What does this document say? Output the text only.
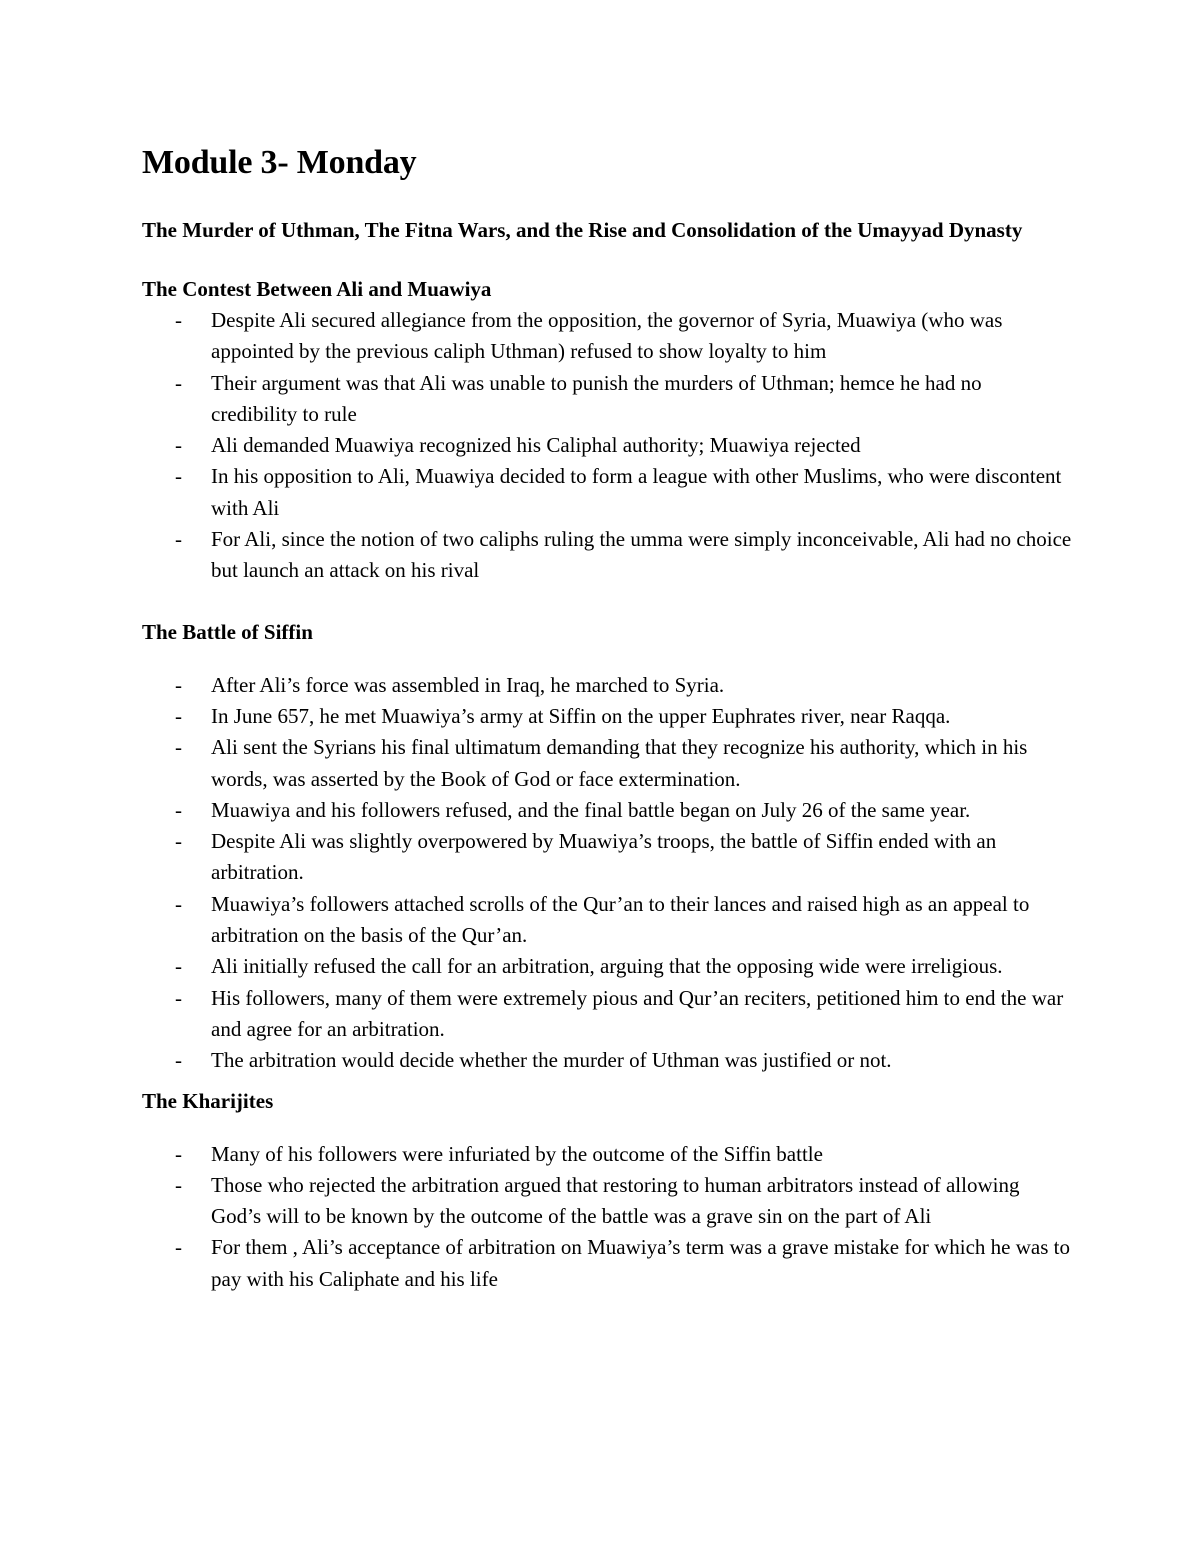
Module 3- Monday
The Murder of Uthman, The Fitna Wars, and the Rise and Consolidation of the Umayyad Dynasty
The Contest Between Ali and Muawiya
- Despite Ali secured allegiance from the opposition, the governor of Syria, Muawiya (who was appointed by the previous caliph Uthman) refused to show loyalty to him
- Their argument was that Ali was unable to punish the murders of Uthman; hemce he had no credibility to rule
- Ali demanded Muawiya recognized his Caliphal authority; Muawiya rejected
- In his opposition to Ali, Muawiya decided to form a league with other Muslims, who were discontent with Ali
- For Ali, since the notion of two caliphs ruling the umma were simply inconceivable, Ali had no choice but launch an attack on his rival
The Battle of Siffin
- After Ali’s force was assembled in Iraq, he marched to Syria.
- In June 657, he met Muawiya’s army at Siffin on the upper Euphrates river, near Raqqa.
- Ali sent the Syrians his final ultimatum demanding that they recognize his authority, which in his words, was asserted by the Book of God or face extermination.
- Muawiya and his followers refused, and the final battle began on July 26 of the same year.
- Despite Ali was slightly overpowered by Muawiya’s troops, the battle of Siffin ended with an arbitration.
- Muawiya’s followers attached scrolls of the Qur’an to their lances and raised high as an appeal to arbitration on the basis of the Qur’an.
- Ali initially refused the call for an arbitration, arguing that the opposing wide were irreligious.
- His followers, many of them were extremely pious and Qur’an reciters, petitioned him to end the war and agree for an arbitration.
- The arbitration would decide whether the murder of Uthman was justified or not.
The Kharijites
- Many of his followers were infuriated by the outcome of the Siffin battle
- Those who rejected the arbitration argued that restoring to human arbitrators instead of allowing God’s will to be known by the outcome of the battle was a grave sin on the part of Ali
- For them , Ali’s acceptance of arbitration on Muawiya’s term was a grave mistake for which he was to pay with his Caliphate and his life
